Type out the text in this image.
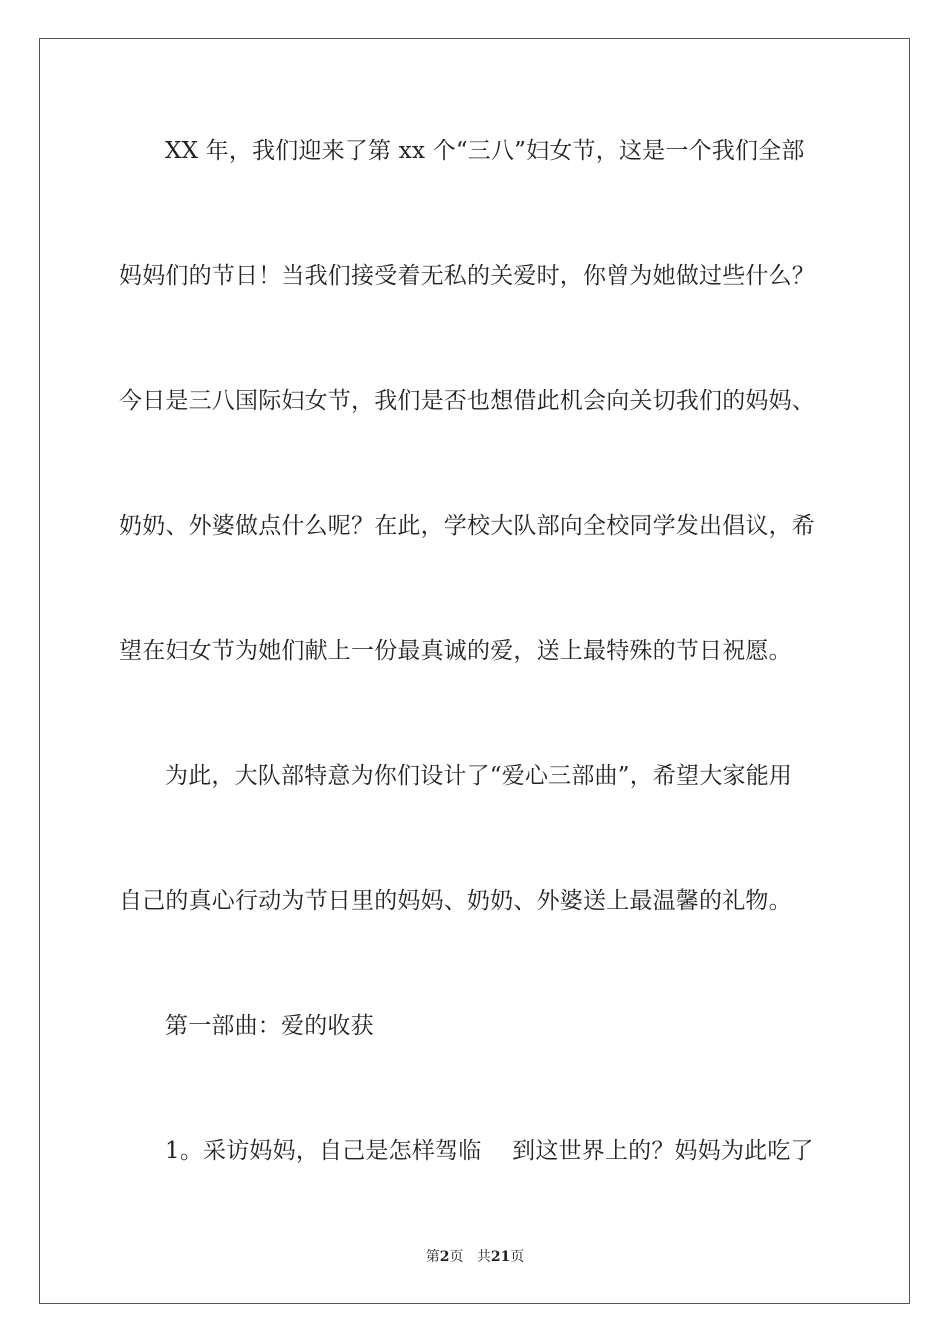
XX 年，我们迎来了第 xx 个“三八”妇女节，这是一个我们全部
妈妈们的节日！当我们接受着无私的关爱时，你曾为她做过些什么？
今日是三八国际妇女节，我们是否也想借此机会向关切我们的妈妈、
奶奶、外婆做点什么呢？在此，学校大队部向全校同学发出倡议，希
望在妇女节为她们献上一份最真诚的爱，送上最特殊的节日祝愿。
为此，大队部特意为你们设计了“爱心三部曲”，希望大家能用
自己的真心行动为节日里的妈妈、奶奶、外婆送上最温馨的礼物。
第一部曲：爱的收获
1。采访妈妈，自己是怎样驾临　 到这世界上的？妈妈为此吃了
第2页 共21页
